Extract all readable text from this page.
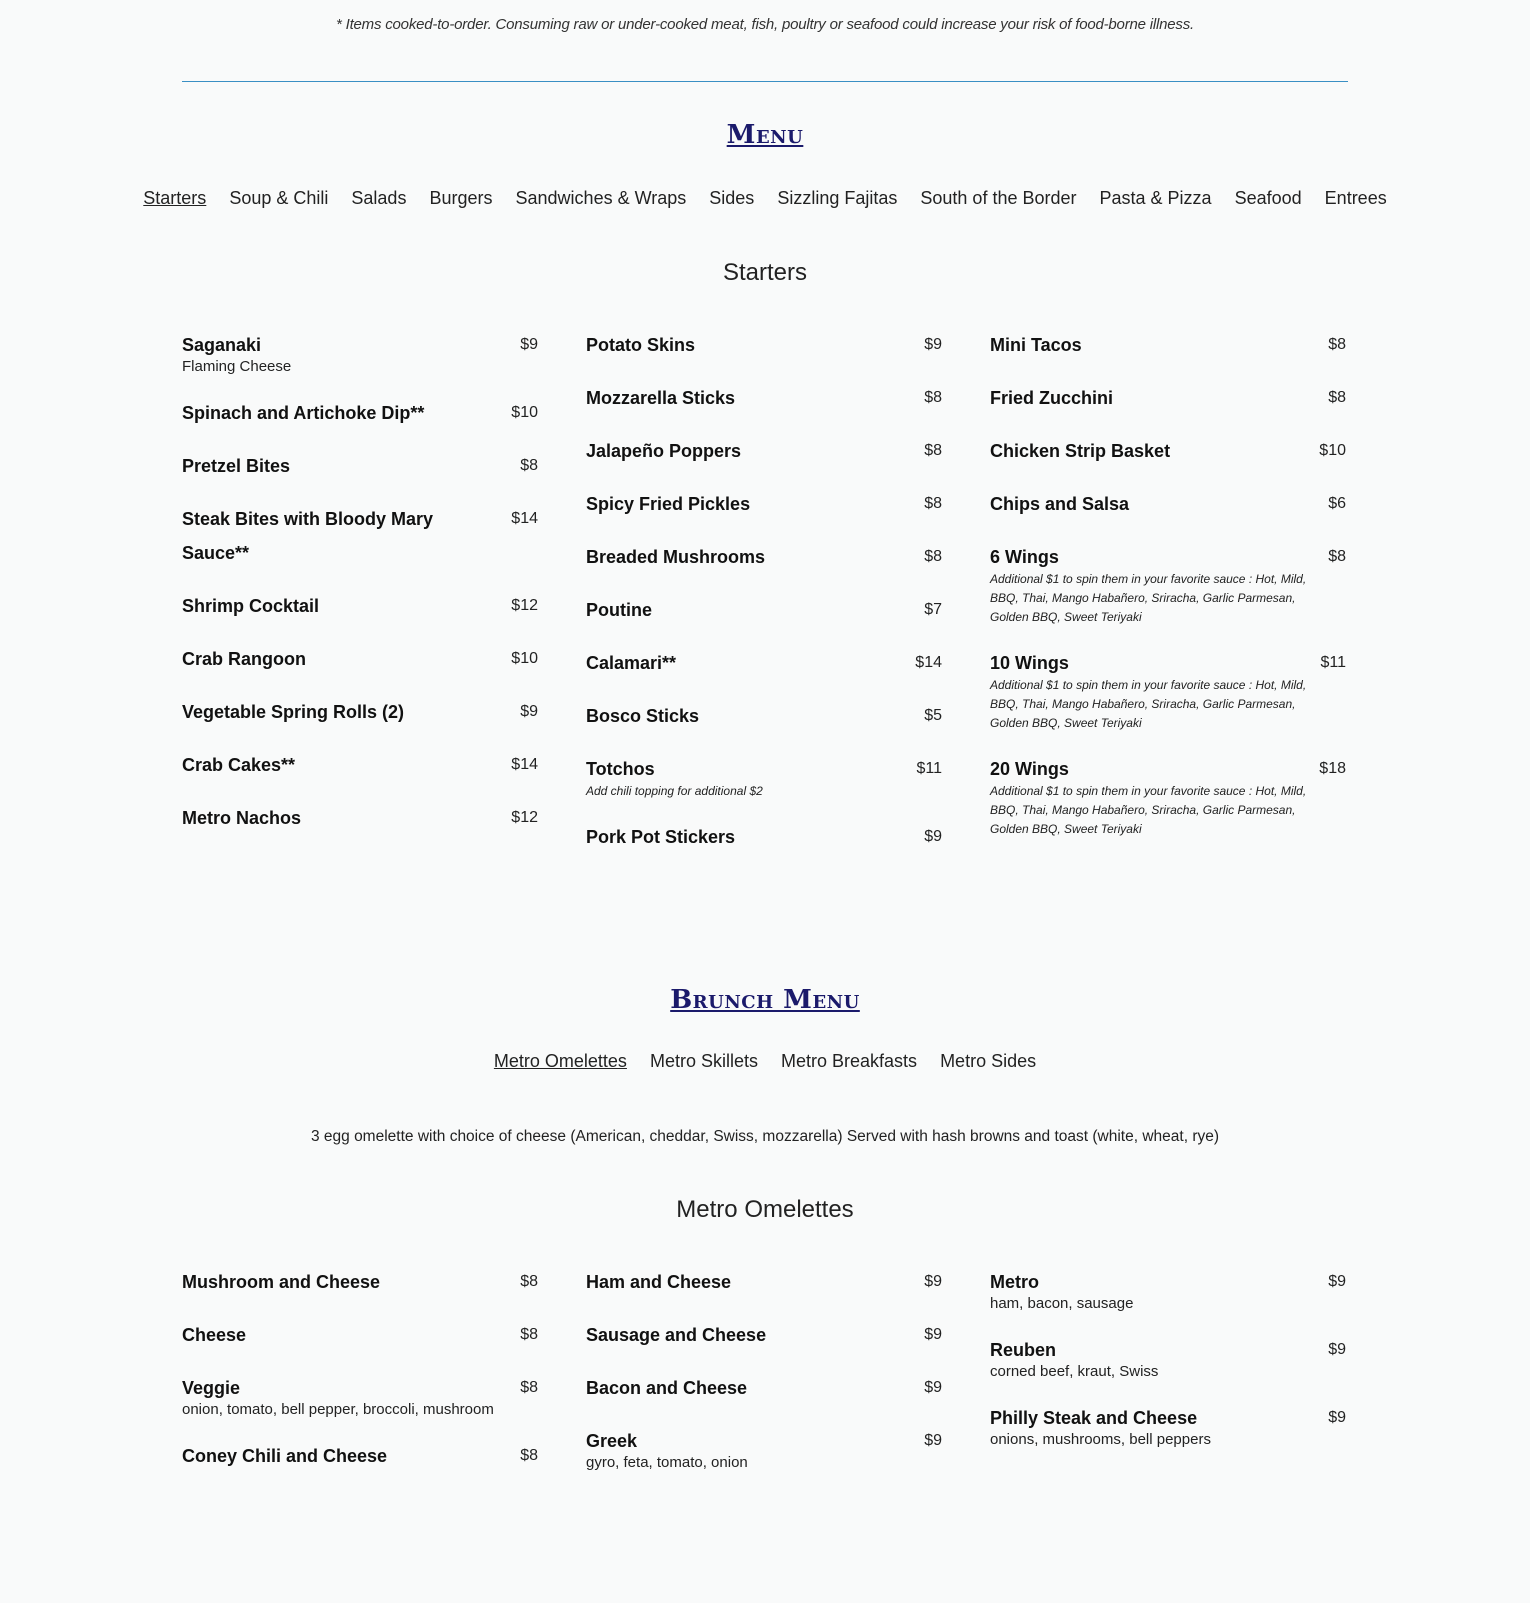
* Items cooked-to-order. Consuming raw or under-cooked meat, fish, poultry or seafood could increase your risk of food-borne illness.
Menu
Starters Soup & Chili Salads Burgers Sandwiches & Wraps Sides Sizzling Fajitas South of the Border Pasta & Pizza Seafood Entrees
Starters
Saganaki	$9
Flaming Cheese
Spinach and Artichoke Dip**	$10
Pretzel Bites	$8
Steak Bites with Bloody Mary Sauce**
$14
Shrimp Cocktail	$12
Crab Rangoon	$10
Vegetable Spring Rolls (2)	$9
Crab Cakes**	$14
Metro Nachos	$12
Potato Skins	$9
Mozzarella Sticks	$8
Jalapeño Poppers	$8
Spicy Fried Pickles	$8
Breaded Mushrooms	$8
Poutine	$7
Calamari**	$14
Bosco Sticks	$5
Totchos	$11
Add chili topping for additional $2
Pork Pot Stickers	$9
Mini Tacos	$8
Fried Zucchini	$8
Chicken Strip Basket	$10
Chips and Salsa	$6
6 Wings	$8
Additional $1 to spin them in your favorite sauce : Hot, Mild, BBQ, Thai, Mango Habañero, Sriracha, Garlic Parmesan, Golden BBQ, Sweet Teriyaki
10 Wings	$11
Additional $1 to spin them in your favorite sauce : Hot, Mild, BBQ, Thai, Mango Habañero, Sriracha, Garlic Parmesan, Golden BBQ, Sweet Teriyaki
20 Wings	$18
Additional $1 to spin them in your favorite sauce : Hot, Mild, BBQ, Thai, Mango Habañero, Sriracha, Garlic Parmesan, Golden BBQ, Sweet Teriyaki
Brunch Menu
Metro Omelettes Metro Skillets Metro Breakfasts Metro Sides
3 egg omelette with choice of cheese (American, cheddar, Swiss, mozzarella) Served with hash browns and toast (white, wheat, rye)
Metro Omelettes
Mushroom and Cheese	$8
Cheese	$8
Veggie	$8
onion, tomato, bell pepper, broccoli, mushroom
Coney Chili and Cheese	$8
Ham and Cheese	$9
Sausage and Cheese	$9
Bacon and Cheese	$9
Greek	$9
gyro, feta, tomato, onion
Metro	$9
ham, bacon, sausage
Reuben	$9
corned beef, kraut, Swiss
Philly Steak and Cheese	$9
onions, mushrooms, bell peppers
